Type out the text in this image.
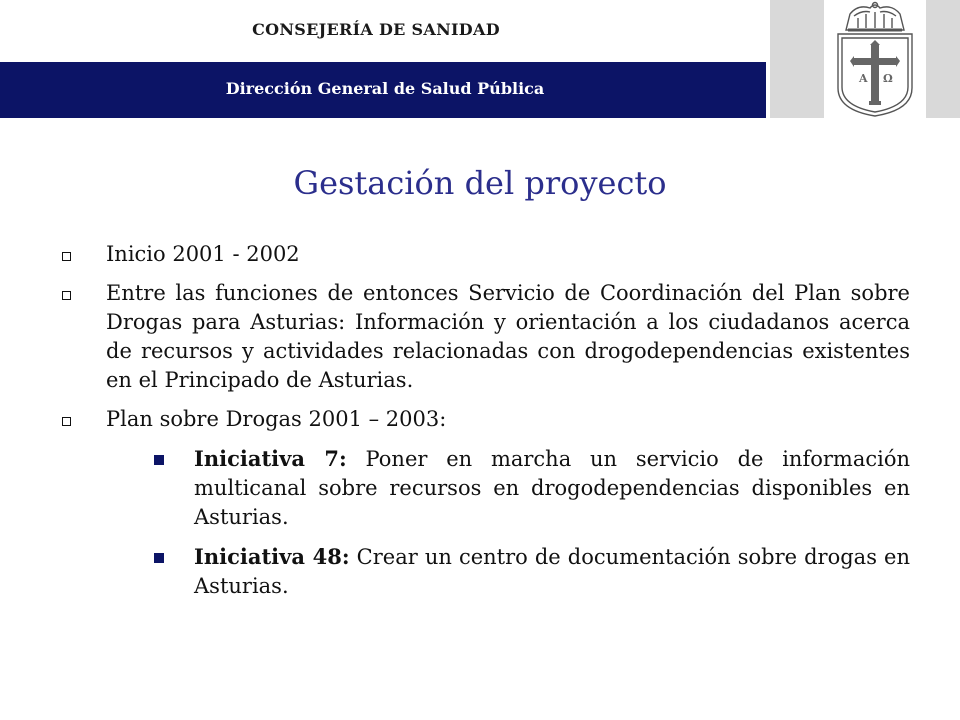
CONSEJERÍA DE SANIDAD
Dirección General de Salud Pública
A Ω
Gestación del proyecto
Inicio 2001 - 2002
Entre las funciones de entonces Servicio de Coordinación del Plan sobre Drogas para Asturias: Información y orientación a los ciudadanos acerca de recursos y actividades relacionadas con drogodependencias existentes en el Principado de Asturias.
Plan sobre Drogas 2001 – 2003:
Iniciativa 7: Poner en marcha un servicio de información multicanal sobre recursos en drogodependencias disponibles en Asturias.
Iniciativa 48: Crear un centro de documentación sobre drogas en Asturias.
